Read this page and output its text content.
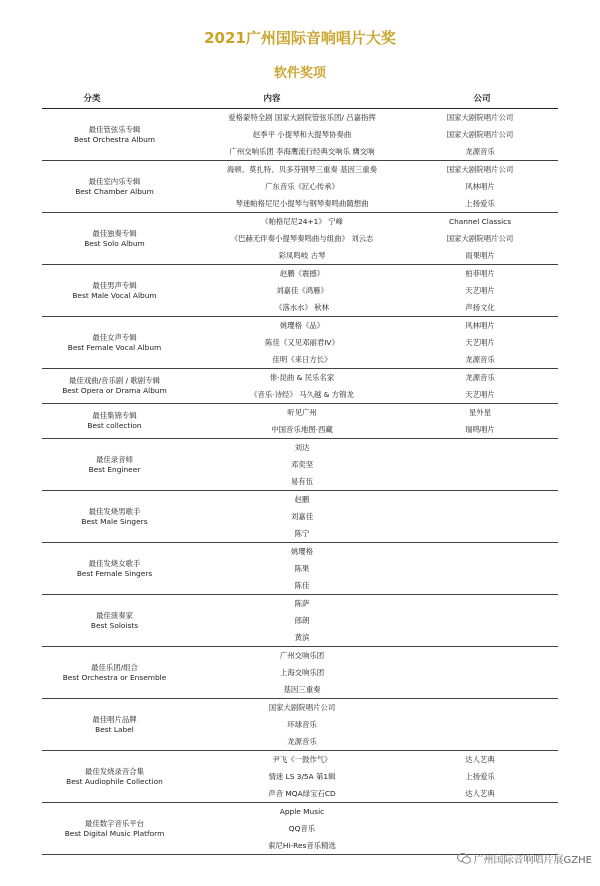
2021广州国际音响唱片大奖
软件奖项
分类	内容	公司
最佳管弦乐专辑
Best Orchestra Album
爱格蒙特全剧 国家大剧院管弦乐团/ 吕嘉指挥	国家大剧院唱片公司
赵季平 小提琴和大提琴协奏曲	国家大剧院唱片公司
广州交响乐团 李海鹰流行经典交响乐 膺交响	龙源音乐
最佳室内乐专辑
Best Chamber Album
海顿、莫扎特、贝多芬钢琴三重奏 基因三重奏	国家大剧院唱片公司
广东音乐《匠心传承》	风林唱片
琴迷帕格尼尼小提琴与钢琴奏鸣曲随想曲	上扬爱乐
最佳独奏专辑
Best Solo Album
《帕格尼尼24+1》 宁峰	Channel Classics
《巴赫无伴奏小提琴奏鸣曲与组曲》 刘云志	国家大剧院唱片公司
彩凤鸣岐 古琴	雨果唱片
最佳男声专辑
Best Male Vocal Album
赵鹏《震撼》	柏菲唱片
刘嘉佳《鸿雁》	天艺唱片
《落水水》 秋林	声扬文化
最佳女声专辑
Best Female Vocal Album
姚璎格《品》	风林唱片
陈佳《又见邓丽君IV》	天艺唱片
佳明《来日方长》	龙源音乐
最佳戏曲/音乐剧 / 歌剧专辑
Best Opera or Drama Album
俳·昆曲 & 民乐名家	龙源音乐
《音乐·诗经》 马久越 & 方锦龙	天艺唱片
最佳集锦专辑
Best collection
听见广州	星外星
中国音乐地图·西藏	瑞鸣唱片
最佳录音师
Best Engineer
刘达
邓奕坚
易有伍
最佳发烧男歌手
Best Male Singers
赵鹏
刘嘉佳
陈宁
最佳发烧女歌手
Best Female Singers
姚璎格
陈果
陈佳
最佳演奏家
Best Soloists
陈萨
郎朗
黄滨
最佳乐团/组合
Best Orchestra or Ensemble
广州交响乐团
上海交响乐团
基因三重奏
最佳唱片品牌
Best Label
国家大剧院唱片公司
环球音乐
龙源音乐
最佳发烧录音合集
Best Audiophile Collection
尹飞《一鼓作气》	达人艺典
情迷 LS 3/5A 第1辑	上扬爱乐
声音 MQA绿宝石CD	达人艺典
最佳数字音乐平台
Best Digital Music Platform
Apple Music
QQ音乐
索尼Hi-Res音乐精选
广州国际音响唱片展GZHE
